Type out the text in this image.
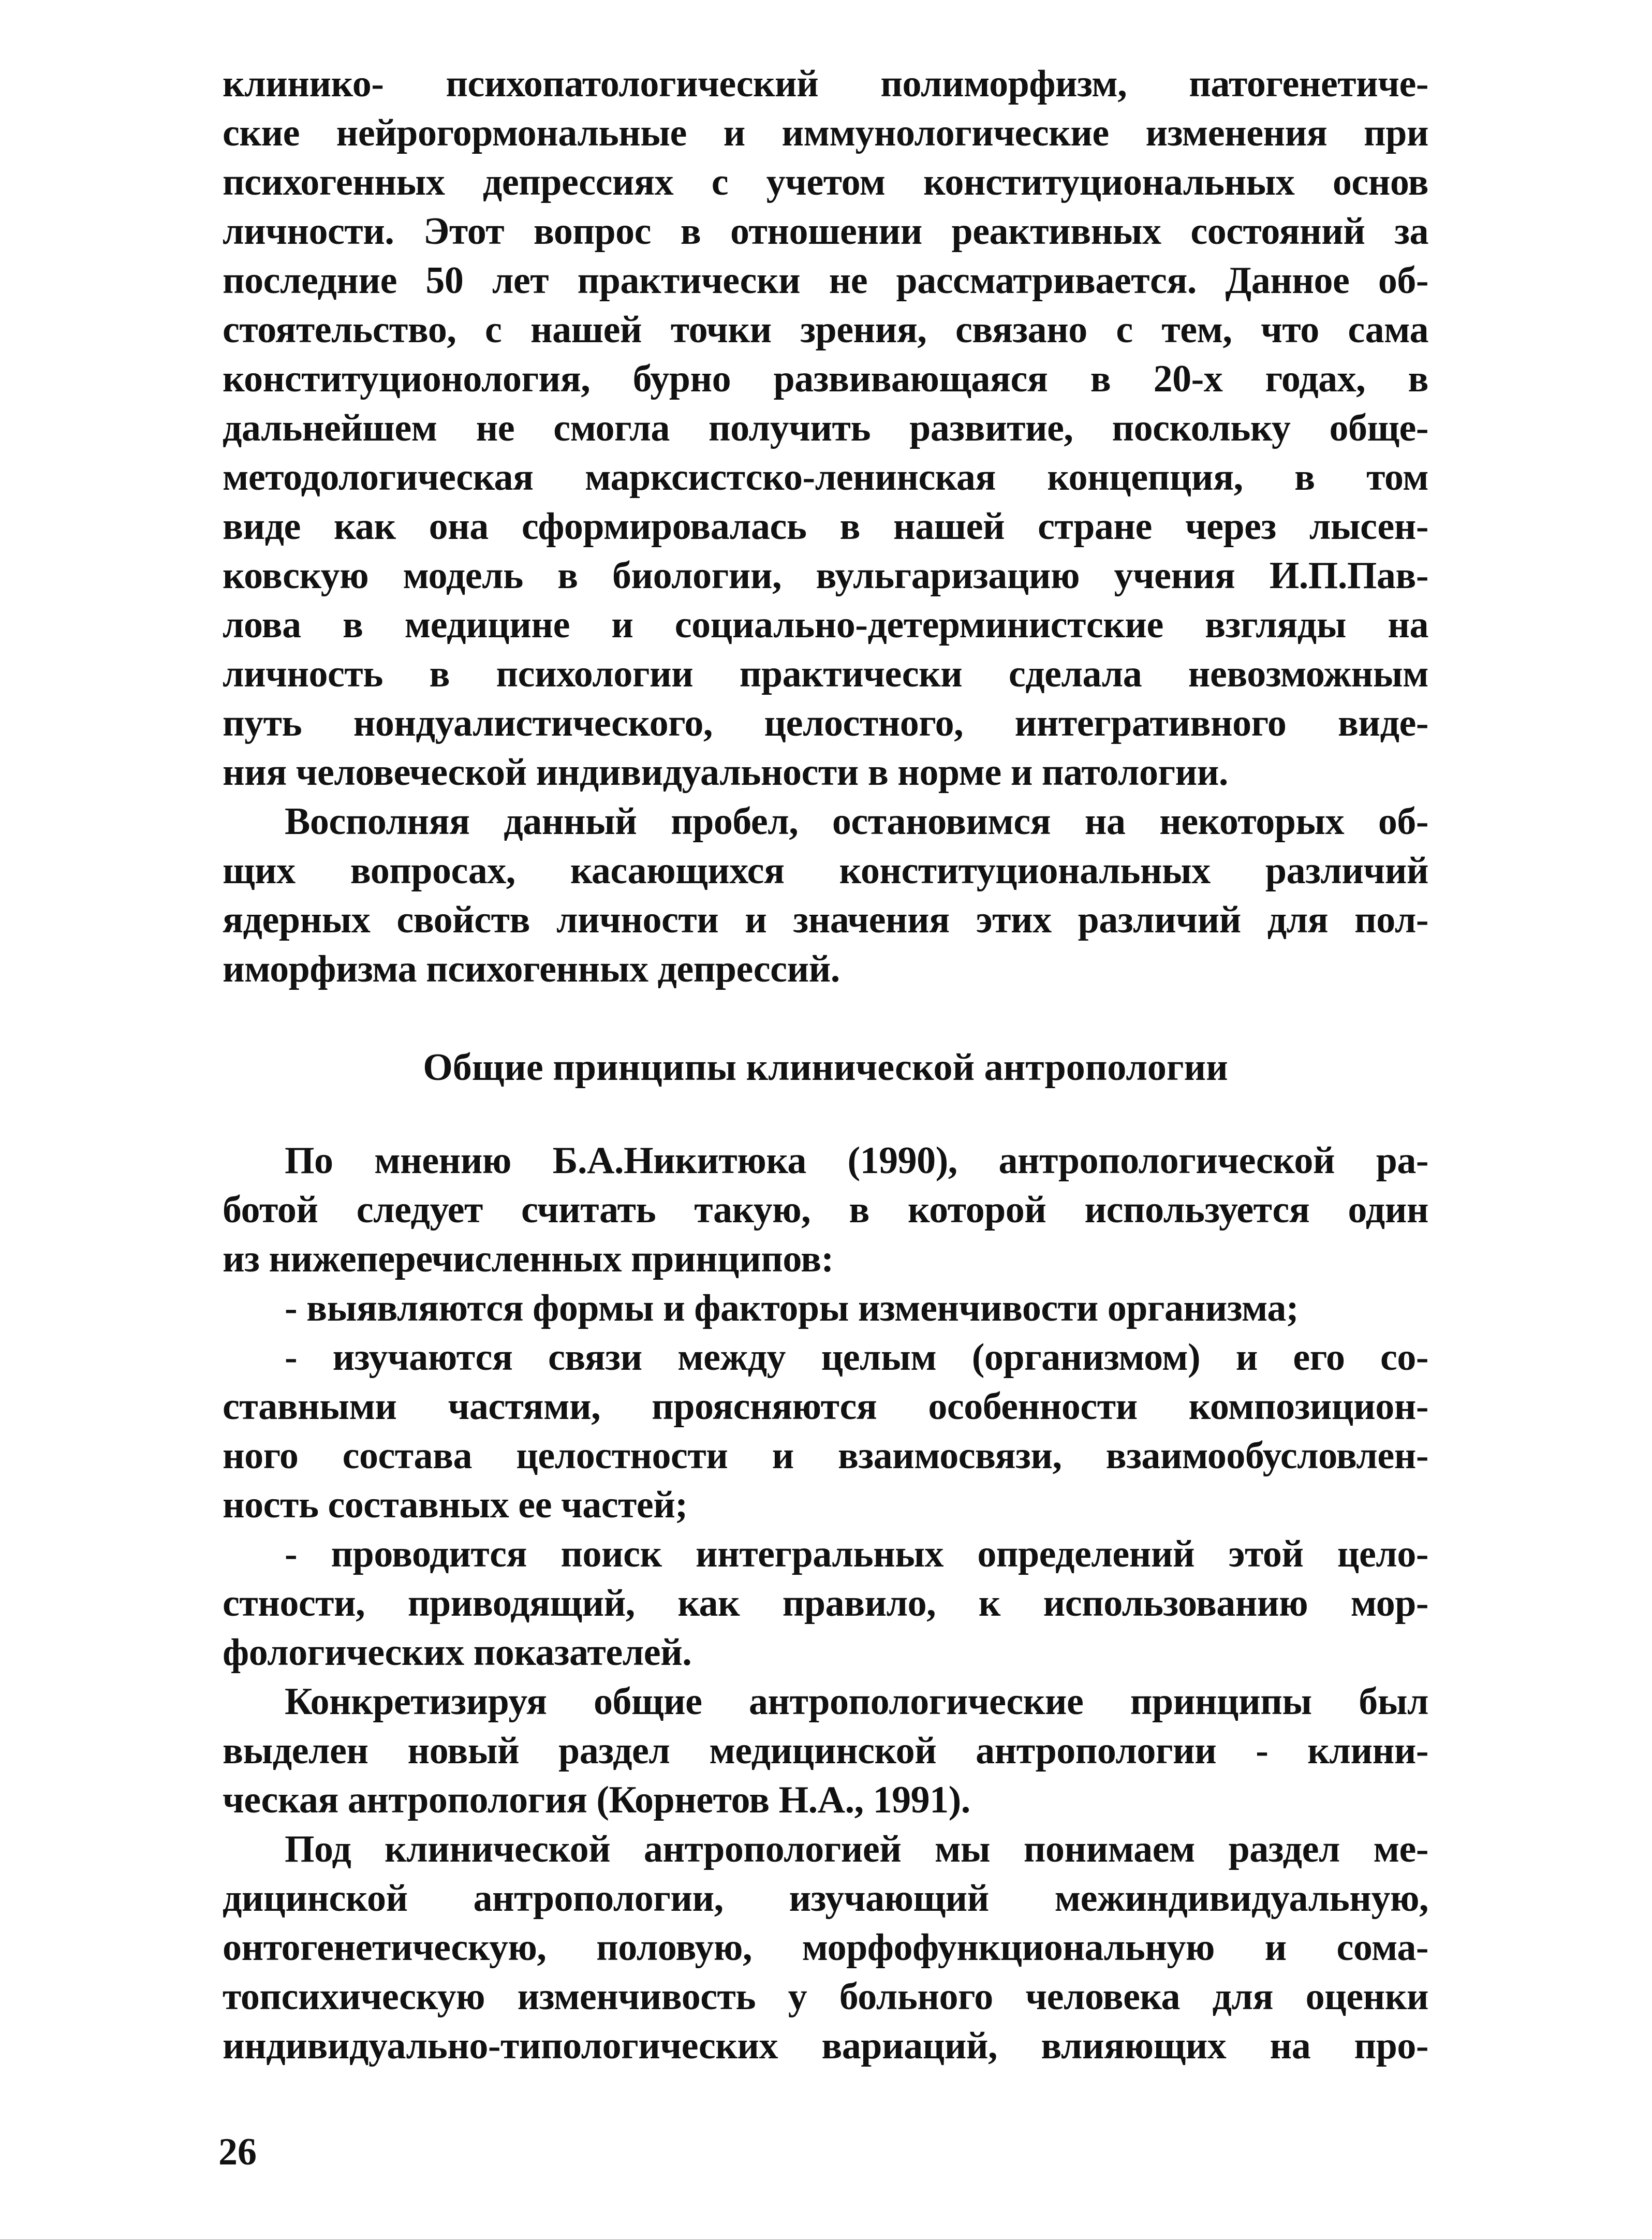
клинико- психопатологический полиморфизм, патогенетиче-
ские нейрогормональные и иммунологические изменения при
психогенных депрессиях с учетом конституциональных основ
личности. Этот вопрос в отношении реактивных состояний за
последние 50 лет практически не рассматривается. Данное об-
стоятельство, с нашей точки зрения, связано с тем, что сама
конституционология, бурно развивающаяся в 20-х годах, в
дальнейшем не смогла получить развитие, поскольку обще-
методологическая марксистско-ленинская концепция, в том
виде как она сформировалась в нашей стране через лысен-
ковскую модель в биологии, вульгаризацию учения И.П.Пав-
лова в медицине и социально-детерминистские взгляды на
личность в психологии практически сделала невозможным
путь нондуалистического, целостного, интегративного виде-
ния человеческой индивидуальности в норме и патологии.
Восполняя данный пробел, остановимся на некоторых об-
щих вопросах, касающихся конституциональных различий
ядерных свойств личности и значения этих различий для пол-
иморфизма психогенных депрессий.
Общие принципы клинической антропологии
По мнению Б.А.Никитюка (1990), антропологической ра-
ботой следует считать такую, в которой используется один
из нижеперечисленных принципов:
- выявляются формы и факторы изменчивости организма;
- изучаются связи между целым (организмом) и его со-
ставными частями, проясняются особенности композицион-
ного состава целостности и взаимосвязи, взаимообусловлен-
ность составных ее частей;
- проводится поиск интегральных определений этой цело-
стности, приводящий, как правило, к использованию мор-
фологических показателей.
Конкретизируя общие антропологические принципы был
выделен новый раздел медицинской антропологии - клини-
ческая антропология (Корнетов Н.А., 1991).
Под клинической антропологией мы понимаем раздел ме-
дицинской антропологии, изучающий межиндивидуальную,
онтогенетическую, половую, морфофункциональную и сома-
топсихическую изменчивость у больного человека для оценки
индивидуально-типологических вариаций, влияющих на про-
26
